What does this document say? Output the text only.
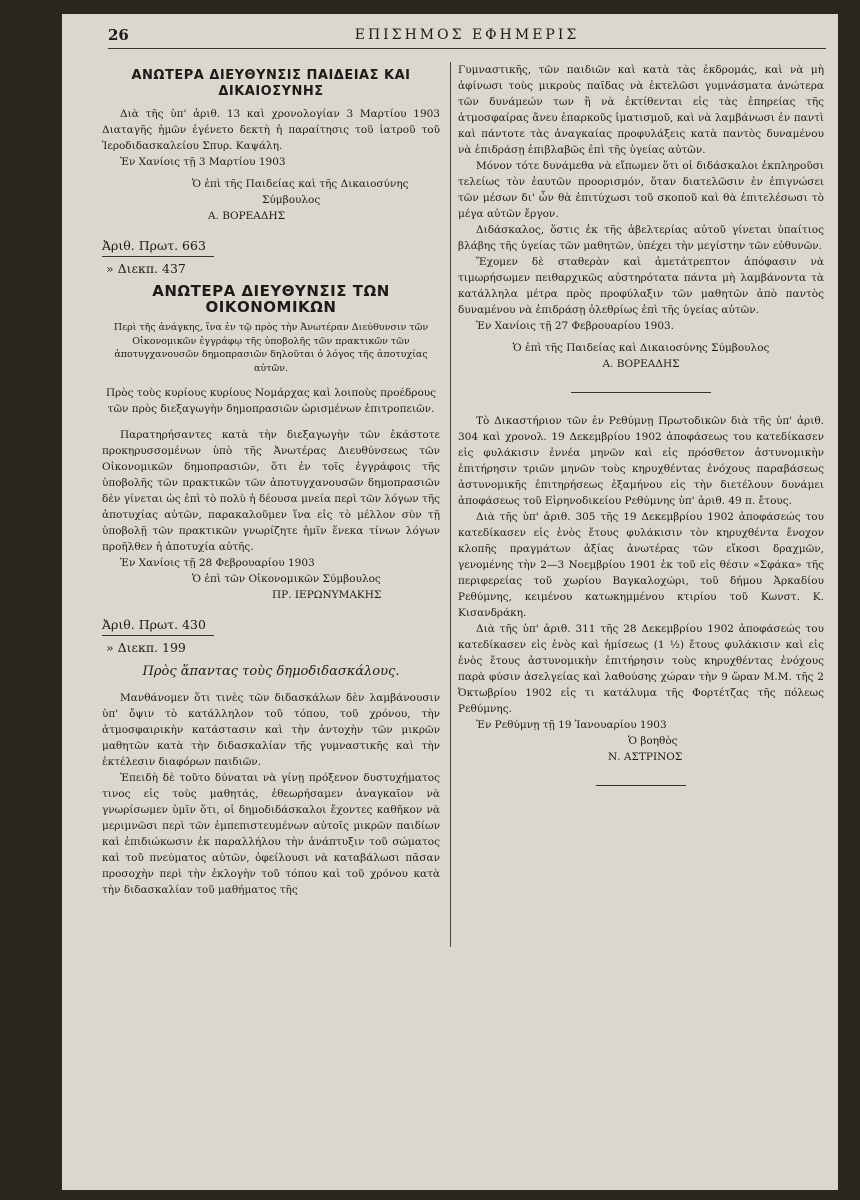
26	ΕΠΙΣΗΜΟΣ ΕΦΗΜΕΡΙΣ
ΑΝΩΤΕΡΑ ΔΙΕΥΘΥΝΣΙΣ ΠΑΙΔΕΙΑΣ ΚΑΙ ΔΙΚΑΙΟΣΥΝΗΣ

Διὰ τῆς ὑπ' ἀριθ. 13 καὶ χρονολογίαν 3 Μαρτίου 1903 Διαταγῆς ἡμῶν ἐγένετο δεκτὴ ἡ παραίτησις τοῦ ἰατροῦ τοῦ Ἱεροδιδασκαλείου Σπυρ. Καψάλη.

Ἐν Χανίοις τῇ 3 Μαρτίου 1903

Ὁ ἐπὶ τῆς Παιδείας καὶ τῆς Δικαιοσύνης

Σύμβουλος

Α. ΒΟΡΕΑΔΗΣ

Ἀριθ. Πρωτ. 663
» Διεκπ. 437
ΑΝΩΤΕΡΑ ΔΙΕΥΘΥΝΣΙΣ ΤΩΝ ΟΙΚΟΝΟΜΙΚΩΝ

Περὶ τῆς ἀνάγκης, ἵνα ἐν τῷ πρὸς τὴν Ἀνωτέραν Διεύθυνσιν τῶν Οἰκονομικῶν ἐγγράφῳ τῆς ὑποβολῆς τῶν πρακτικῶν τῶν ἀποτυγχανουσῶν δημοπρασιῶν δηλοῦται ὁ λόγος τῆς ἀποτυχίας αὐτῶν.

Πρὸς τοὺς κυρίους κυρίους Νομάρχας καὶ λοιποὺς προέδρους τῶν πρὸς διεξαγωγὴν δημοπρασιῶν ὡρισμένων ἐπιτροπειῶν.

Παρατηρήσαντες κατὰ τὴν διεξαγωγὴν τῶν ἑκάστοτε προκηρυσσομένων ὑπὸ τῆς Ἀνωτέρας Διευθύνσεως τῶν Οἰκονομικῶν δημοπρασιῶν, ὅτι ἐν τοῖς ἐγγράφοις τῆς ὑποβολῆς τῶν πρακτικῶν τῶν ἀποτυγχανουσῶν δημοπρασιῶν δὲν γίνεται ὡς ἐπὶ τὸ πολὺ ἡ δέουσα μνεία περὶ τῶν λόγων τῆς ἀποτυχίας αὐτῶν, παρακαλοῦμεν ἵνα εἰς τὸ μέλλον σὺν τῇ ὑποβολῇ τῶν πρακτικῶν γνωρίζητε ἡμῖν ἕνεκα τίνων λόγων προῆλθεν ἡ ἀποτυχία αὐτῆς.

Ἐν Χανίοις τῇ 28 Φεβρουαρίου 1903

Ὁ ἐπὶ τῶν Οἰκονομικῶν Σύμβουλος

ΠΡ. ΙΕΡΩΝΥΜΑΚΗΣ

Ἀριθ. Πρωτ. 430
» Διεκπ. 199
Πρὸς ἅπαντας τοὺς δημοδιδασκάλους.

Μανθάνομεν ὅτι τινὲς τῶν διδασκάλων δὲν λαμβάνουσιν ὑπ' ὄψιν τὸ κατάλληλον τοῦ τόπου, τοῦ χρόνου, τὴν ἀτμοσφαιρικὴν κατάστασιν καὶ τὴν ἀντοχὴν τῶν μικρῶν μαθητῶν κατὰ τὴν διδασκαλίαν τῆς γυμναστικῆς καὶ τὴν ἐκτέλεσιν διαφόρων παιδιῶν.

Ἐπειδὴ δὲ τοῦτο δύναται νὰ γίνῃ πρόξενον δυστυχήματος τινος εἰς τοὺς μαθητάς, ἐθεωρήσαμεν ἀναγκαῖον νὰ γνωρίσωμεν ὑμῖν ὅτι, οἱ δημοδιδάσκαλοι ἔχοντες καθῆκον νὰ μεριμνῶσι περὶ τῶν ἐμπεπιστευμένων αὐτοῖς μικρῶν παιδίων καὶ ἐπιδιώκωσιν ἐκ παραλλήλου τὴν ἀνάπτυξιν τοῦ σώματος καὶ τοῦ πνεύματος αὐτῶν, ὀφείλουσι νὰ καταβάλωσι πᾶσαν προσοχὴν περὶ τὴν ἐκλογὴν τοῦ τόπου καὶ τοῦ χρόνου κατὰ τὴν διδασκαλίαν τοῦ μαθήματος τῆς

Γυμναστικῆς, τῶν παιδιῶν καὶ κατὰ τὰς ἐκδρομάς, καὶ νὰ μὴ ἀφίνωσι τοὺς μικροὺς παῖδας νὰ ἐκτελῶσι γυμνάσματα ἀνώτερα τῶν δυνάμεών των ἢ νὰ ἐκτίθενται εἰς τὰς ἐπηρείας τῆς ἀτμοσφαίρας ἄνευ ἐπαρκοῦς ἱματισμοῦ, καὶ νὰ λαμβάνωσι ἐν παντὶ καὶ πάντοτε τὰς ἀναγκαίας προφυλάξεις κατὰ παντὸς δυναμένου νὰ ἐπιδράσῃ ἐπιβλαβῶς ἐπὶ τῆς ὑγείας αὐτῶν.

Μόνον τότε δυνάμεθα νὰ εἴπωμεν ὅτι οἱ διδάσκαλοι ἐκπληροῦσι τελείως τὸν ἑαυτῶν προορισμόν, ὅταν διατελῶσιν ἐν ἐπιγνώσει τῶν μέσων δι' ὧν θὰ ἐπιτύχωσι τοῦ σκοποῦ καὶ θὰ ἐπιτελέσωσι τὸ μέγα αὐτῶν ἔργον.

Διδάσκαλος, ὅστις ἐκ τῆς ἀβελτερίας αὐτοῦ γίνεται ὑπαίτιος βλάβης τῆς ὑγείας τῶν μαθητῶν, ὑπέχει τὴν μεγίστην τῶν εὐθυνῶν.

Ἔχομεν δὲ σταθερὰν καὶ ἀμετάτρεπτον ἀπόφασιν νὰ τιμωρήσωμεν πειθαρχικῶς αὐστηρότατα πάντα μὴ λαμβάνοντα τὰ κατάλληλα μέτρα πρὸς προφύλαξιν τῶν μαθητῶν ἀπὸ παντὸς δυναμένου νὰ ἐπιδράσῃ ὀλεθρίως ἐπὶ τῆς ὑγείας αὐτῶν.

Ἐν Χανίοις τῇ 27 Φεβρουαρίου 1903.

Ὁ ἐπὶ τῆς Παιδείας καὶ Δικαιοσύνης Σύμβουλος

Α. ΒΟΡΕΑΔΗΣ

Τὸ Δικαστήριον τῶν ἐν Ρεθύμνῃ Πρωτοδικῶν διὰ τῆς ὑπ' ἀριθ. 304 καὶ χρονολ. 19 Δεκεμβρίου 1902 ἀποφάσεως του κατεδίκασεν εἰς φυλάκισιν ἐννέα μηνῶν καὶ εἰς πρόσθετον ἀστυνομικὴν ἐπιτήρησιν τριῶν μηνῶν τοὺς κηρυχθέντας ἐνόχους παραβάσεως ἀστυνομικῆς ἐπιτηρήσεως ἐξαμήνου εἰς τὴν διετέλουν δυνάμει ἀποφάσεως τοῦ Εἰρηνοδικείου Ρεθύμνης ὑπ' ἀριθ. 49 π. ἔτους.

Διὰ τῆς ὑπ' ἀριθ. 305 τῆς 19 Δεκεμβρίου 1902 ἀποφάσεώς του κατεδίκασεν εἰς ἑνὸς ἔτους φυλάκισιν τὸν κηρυχθέντα ἔνοχον κλοπῆς πραγμάτων ἀξίας ἀνωτέρας τῶν εἴκοσι δραχμῶν, γενομένης τὴν 2—3 Νοεμβρίου 1901 ἐκ τοῦ εἰς θέσιν «Σφάκα» τῆς περιφερείας τοῦ χωρίου Βαγκαλοχώρι, τοῦ δήμου Ἀρκαδίου Ρεθύμνης, κειμένου κατωκημμένου κτιρίου τοῦ Κωνστ. Κ. Κισανδράκη.

Διὰ τῆς ὑπ' ἀριθ. 311 τῆς 28 Δεκεμβρίου 1902 ἀποφάσεώς του κατεδίκασεν εἰς ἑνὸς καὶ ἡμίσεως (1 ½) ἔτους φυλάκισιν καὶ εἰς ἑνὸς ἔτους ἀστυνομικὴν ἐπιτήρησιν τοὺς κηρυχθέντας ἐνόχους παρὰ φύσιν ἀσελγείας καὶ λαθούσης χώραν τὴν 9 ὥραν Μ.Μ. τῆς 2 Ὀκτωβρίου 1902 εἰς τι κατάλυμα τῆς Φορτέτζας τῆς πόλεως Ρεθύμνης.

Ἐν Ρεθύμνῃ τῇ 19 Ἰανουαρίου 1903

Ὁ βοηθὸς

Ν. ΑΣΤΡΙΝΟΣ
